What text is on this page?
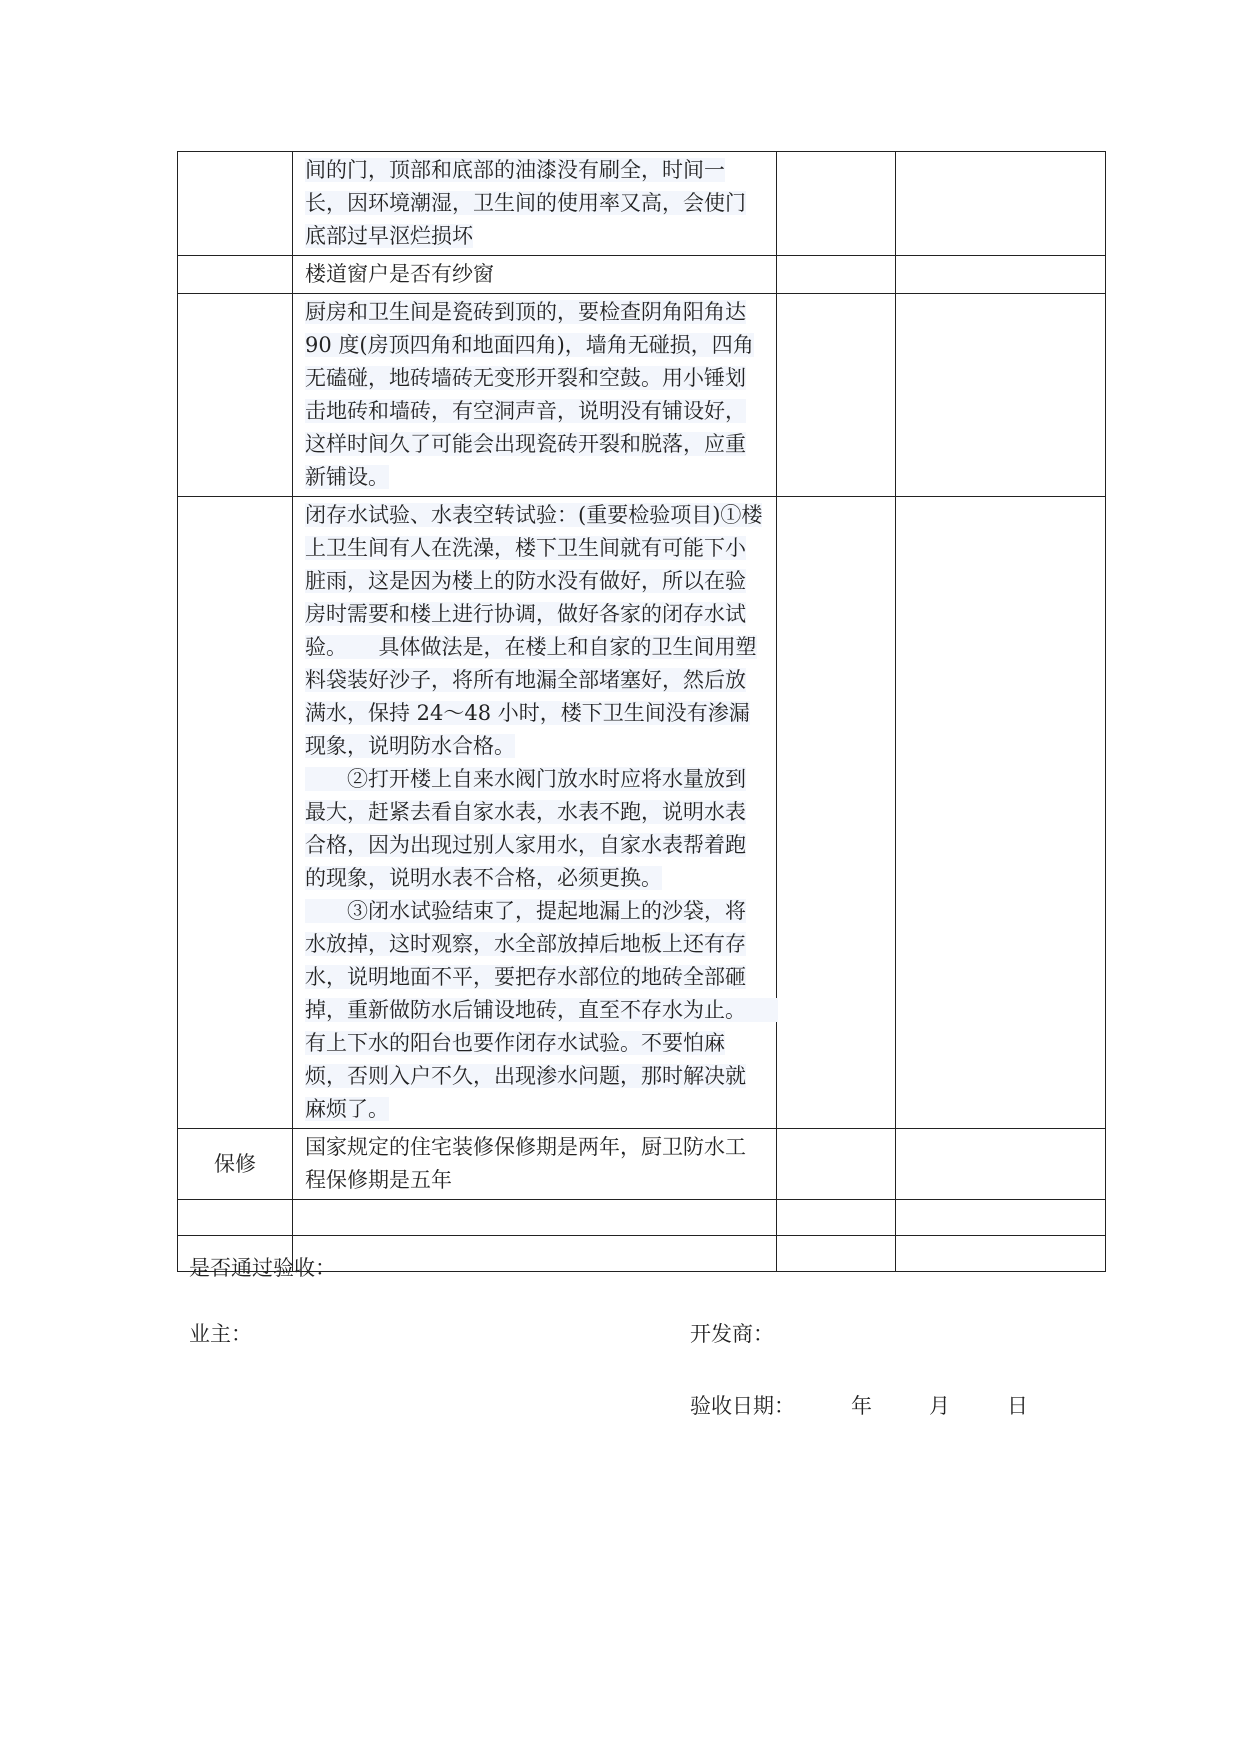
	间的门，顶部和底部的油漆没有刷全，时间一长，因环境潮湿，卫生间的使用率又高，会使门底部过早沤烂损坏		
	楼道窗户是否有纱窗		
	厨房和卫生间是瓷砖到顶的，要检查阴角阳角达 90 度(房顶四角和地面四角)，墙角无碰损，四角无磕碰，地砖墙砖无变形开裂和空鼓。用小锤划击地砖和墙砖，有空洞声音，说明没有铺设好，这样时间久了可能会出现瓷砖开裂和脱落，应重新铺设。		

	闭存水试验、水表空转试验：(重要检验项目)①楼上卫生间有人在洗澡，楼下卫生间就有可能下小脏雨，这是因为楼上的防水没有做好，所以在验房时需要和楼上进行协调，做好各家的闭存水试验。　　具体做法是，在楼上和自家的卫生间用塑料袋装好沙子，将所有地漏全部堵塞好，然后放满水，保持 24～48 小时，楼下卫生间没有渗漏现象，说明防水合格。
　　②打开楼上自来水阀门放水时应将水量放到最大，赶紧去看自家水表，水表不跑，说明水表合格，因为出现过别人家用水，自家水表帮着跑的现象，说明水表不合格，必须更换。
　　③闭水试验结束了，提起地漏上的沙袋，将水放掉，这时观察，水全部放掉后地板上还有存水，说明地面不平，要把存水部位的地砖全部砸掉，重新做防水后铺设地砖，直至不存水为止。　　有上下水的阳台也要作闭存水试验。不要怕麻烦，否则入户不久，出现渗水问题，那时解决就麻烦了。		

保修	国家规定的住宅装修保修期是两年，厨卫防水工程保修期是五年		

是否通过验收：
业主：	开发商：
验收日期：	年	月	日
